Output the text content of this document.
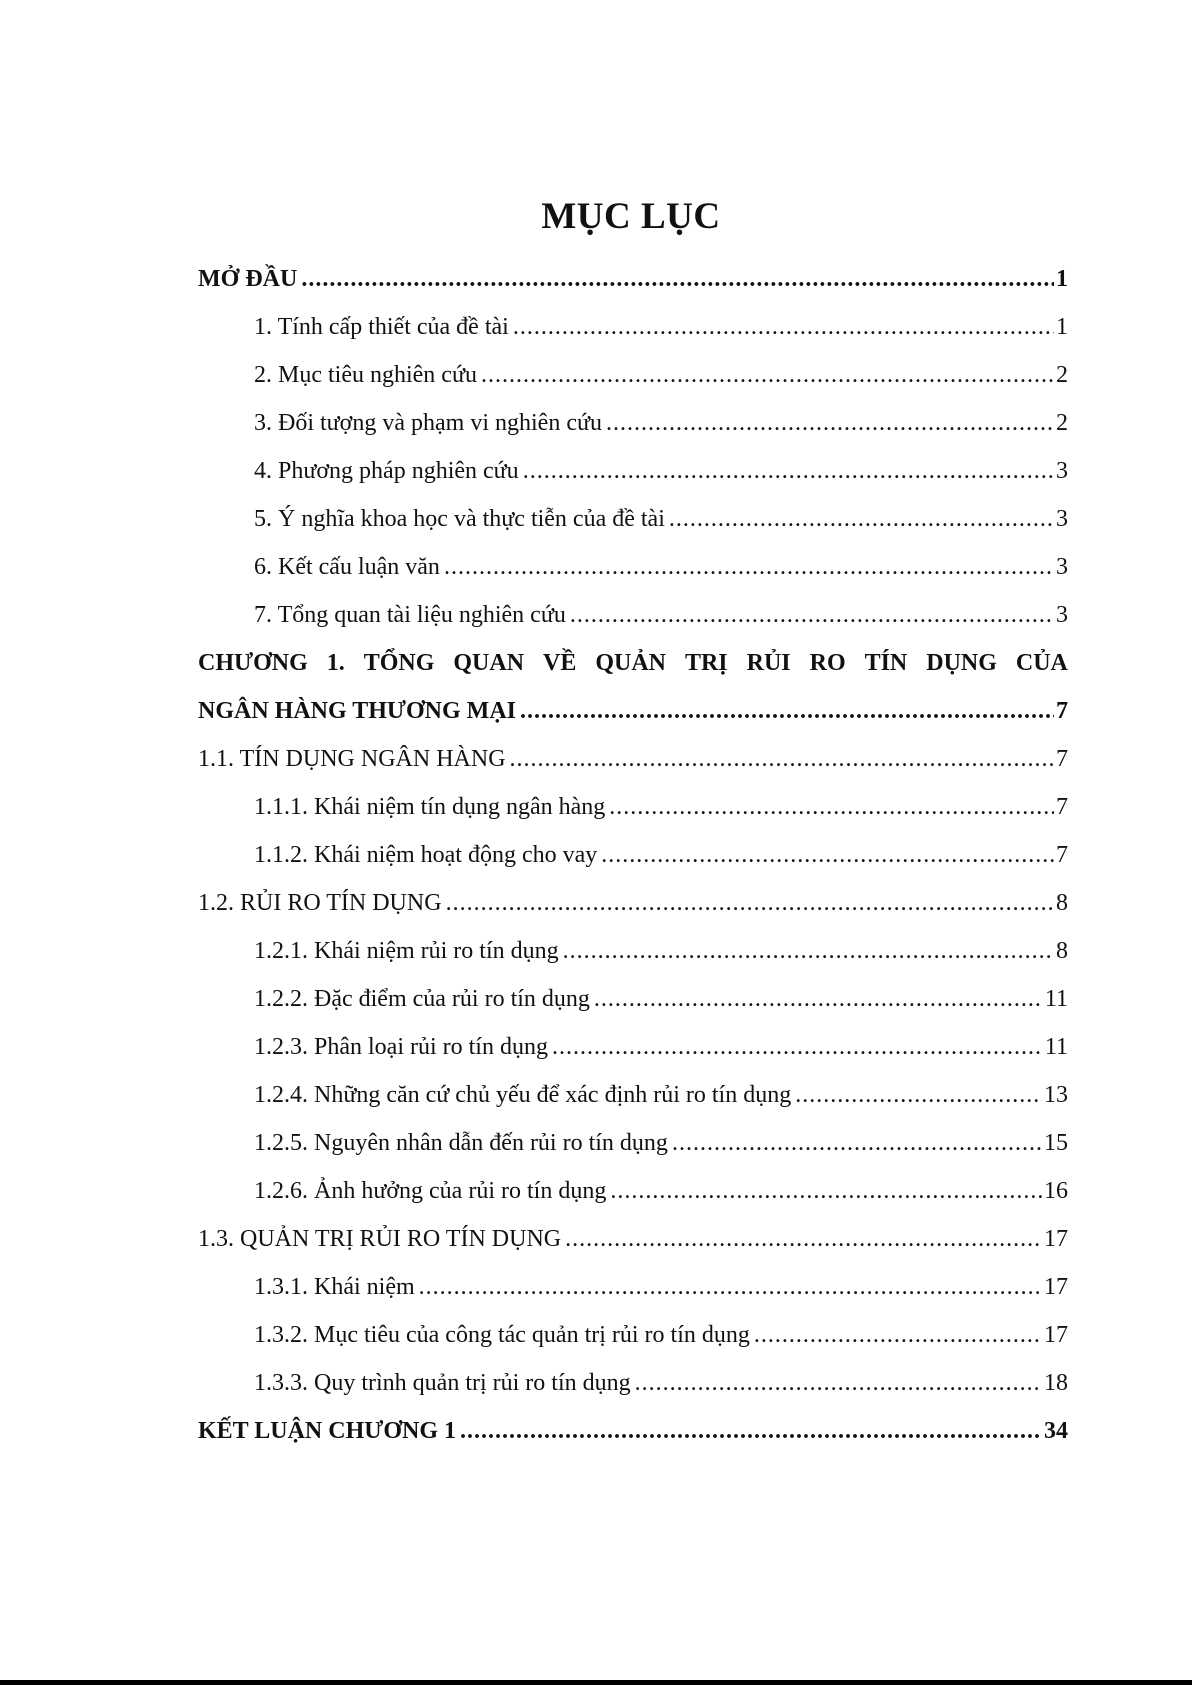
MỤC LỤC
MỞ ĐẦU .....	1
1. Tính cấp thiết của đề tài .....	1
2. Mục tiêu nghiên cứu .....	2
3. Đối tượng và phạm vi nghiên cứu .....	2
4. Phương pháp nghiên cứu .....	3
5. Ý nghĩa khoa học và thực tiễn của đề tài .....	3
6. Kết cấu luận văn .....	3
7. Tổng quan tài liệu nghiên cứu .....	3
CHƯƠNG 1. TỔNG QUAN VỀ QUẢN TRỊ RỦI RO TÍN DỤNG CỦA
NGÂN HÀNG THƯƠNG MẠI .....	7
1.1. TÍN DỤNG NGÂN HÀNG .....	7
1.1.1. Khái niệm tín dụng ngân hàng .....	7
1.1.2. Khái niệm hoạt động cho vay .....	7
1.2. RỦI RO TÍN DỤNG .....	8
1.2.1. Khái niệm rủi ro tín dụng .....	8
1.2.2. Đặc điểm của rủi ro tín dụng .....	11
1.2.3. Phân loại rủi ro tín dụng .....	11
1.2.4. Những căn cứ chủ yếu để xác định rủi ro tín dụng .....	13
1.2.5. Nguyên nhân dẫn đến rủi ro tín dụng .....	15
1.2.6. Ảnh hưởng của rủi ro tín dụng .....	16
1.3. QUẢN TRỊ RỦI RO TÍN DỤNG .....	17
1.3.1. Khái niệm .....	17
1.3.2. Mục tiêu của công tác quản trị rủi ro tín dụng .....	17
1.3.3. Quy trình quản trị rủi ro tín dụng .....	18
KẾT LUẬN CHƯƠNG 1 .....	34
